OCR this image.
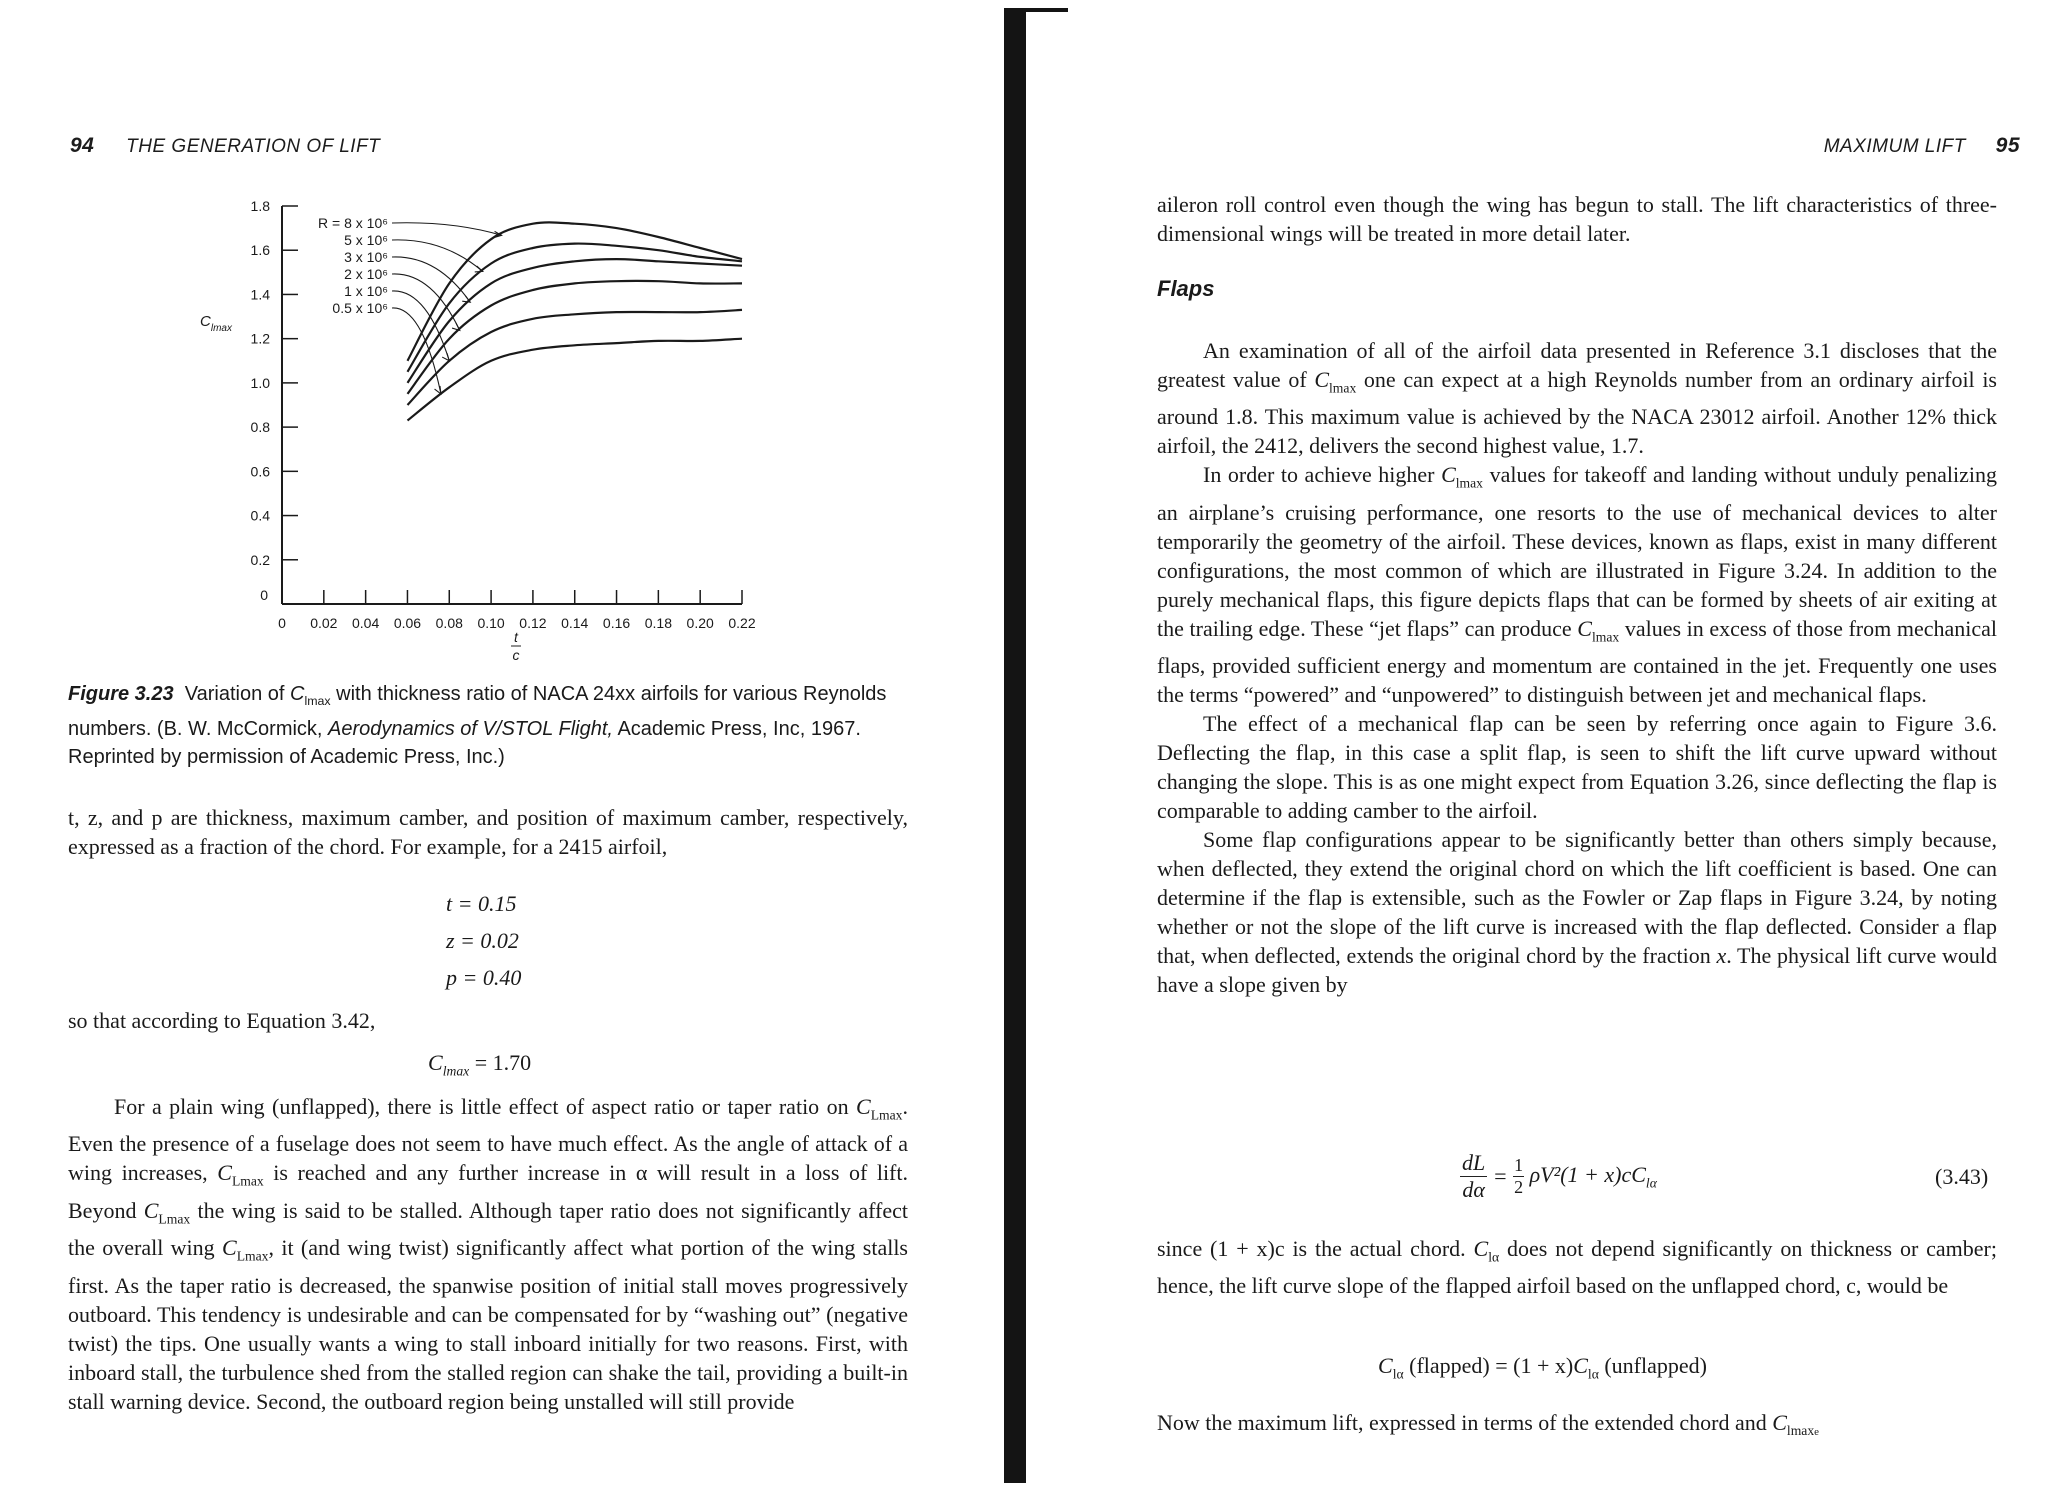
94 THE GENERATION OF LIFT
0 0.02 0.04 0.06 0.08 0.10 0.12 0.14 0.16 0.18 0.20 0.22
0.2
0.4
0.6
0.8
1.0
1.2
1.4
1.6
1.8
0
R = 8 x 10⁶
5 x 10⁶
3 x 10⁶
2 x 10⁶
1 x 10⁶
0.5 x 10⁶
$C_{lmax}$
t
c
Figure 3.23 Variation of $C_{lmax}$ with thickness ratio of NACA 24xx airfoils for various Reynolds numbers. (B. W. McCormick, Aerodynamics of V/STOL Flight, Academic Press, Inc, 1967. Reprinted by permission of Academic Press, Inc.)

t, z, and p are thickness, maximum camber, and position of maximum camber, respectively, expressed as a fraction of the chord. For example, for a 2415 airfoil,

t = 0.15
z = 0.02
p = 0.40

so that according to Equation 3.42,

$C_{lmax} = 1.70$

For a plain wing (unflapped), there is little effect of aspect ratio or taper ratio on $C_{Lmax}$. Even the presence of a fuselage does not seem to have much effect. As the angle of attack of a wing increases, $C_{Lmax}$ is reached and any further increase in α will result in a loss of lift. Beyond $C_{Lmax}$ the wing is said to be stalled. Although taper ratio does not significantly affect the overall wing $C_{Lmax}$, it (and wing twist) significantly affect what portion of the wing stalls first. As the taper ratio is decreased, the spanwise position of initial stall moves progressively outboard. This tendency is undesirable and can be compensated for by “washing out” (negative twist) the tips. One usually wants a wing to stall inboard initially for two reasons. First, with inboard stall, the turbulence shed from the stalled region can shake the tail, providing a built-in stall warning device. Second, the outboard region being unstalled will still provide

MAXIMUM LIFT 95

aileron roll control even though the wing has begun to stall. The lift characteristics of three-dimensional wings will be treated in more detail later.

Flaps

An examination of all of the airfoil data presented in Reference 3.1 discloses that the greatest value of $C_{lmax}$ one can expect at a high Reynolds number from an ordinary airfoil is around 1.8. This maximum value is achieved by the NACA 23012 airfoil. Another 12% thick airfoil, the 2412, delivers the second highest value, 1.7.

In order to achieve higher $C_{lmax}$ values for takeoff and landing without unduly penalizing an airplane’s cruising performance, one resorts to the use of mechanical devices to alter temporarily the geometry of the airfoil. These devices, known as flaps, exist in many different configurations, the most common of which are illustrated in Figure 3.24. In addition to the purely mechanical flaps, this figure depicts flaps that can be formed by sheets of air exiting at the trailing edge. These “jet flaps” can produce $C_{lmax}$ values in excess of those from mechanical flaps, provided sufficient energy and momentum are contained in the jet. Frequently one uses the terms “powered” and “unpowered” to distinguish between jet and mechanical flaps.

The effect of a mechanical flap can be seen by referring once again to Figure 3.6. Deflecting the flap, in this case a split flap, is seen to shift the lift curve upward without changing the slope. This is as one might expect from Equation 3.26, since deflecting the flap is comparable to adding camber to the airfoil.

Some flap configurations appear to be significantly better than others simply because, when deflected, they extend the original chord on which the lift coefficient is based. One can determine if the flap is extensible, such as the Fowler or Zap flaps in Figure 3.24, by noting whether or not the slope of the lift curve is increased with the flap deflected. Consider a flap that, when deflected, extends the original chord by the fraction x. The physical lift curve would have a slope given by

$\frac{dL}{d\alpha} = \frac{1}{2} \rho V^2(1 + x)cC_{l\alpha}$	(3.43)

since (1 + x)c is the actual chord. $C_{l\alpha}$ does not depend significantly on thickness or camber; hence, the lift curve slope of the flapped airfoil based on the unflapped chord, c, would be

$C_{l\alpha}$ (flapped) = $(1 + x)C_{l\alpha}$ (unflapped)

Now the maximum lift, expressed in terms of the extended chord and $C_{lmaxe}$
